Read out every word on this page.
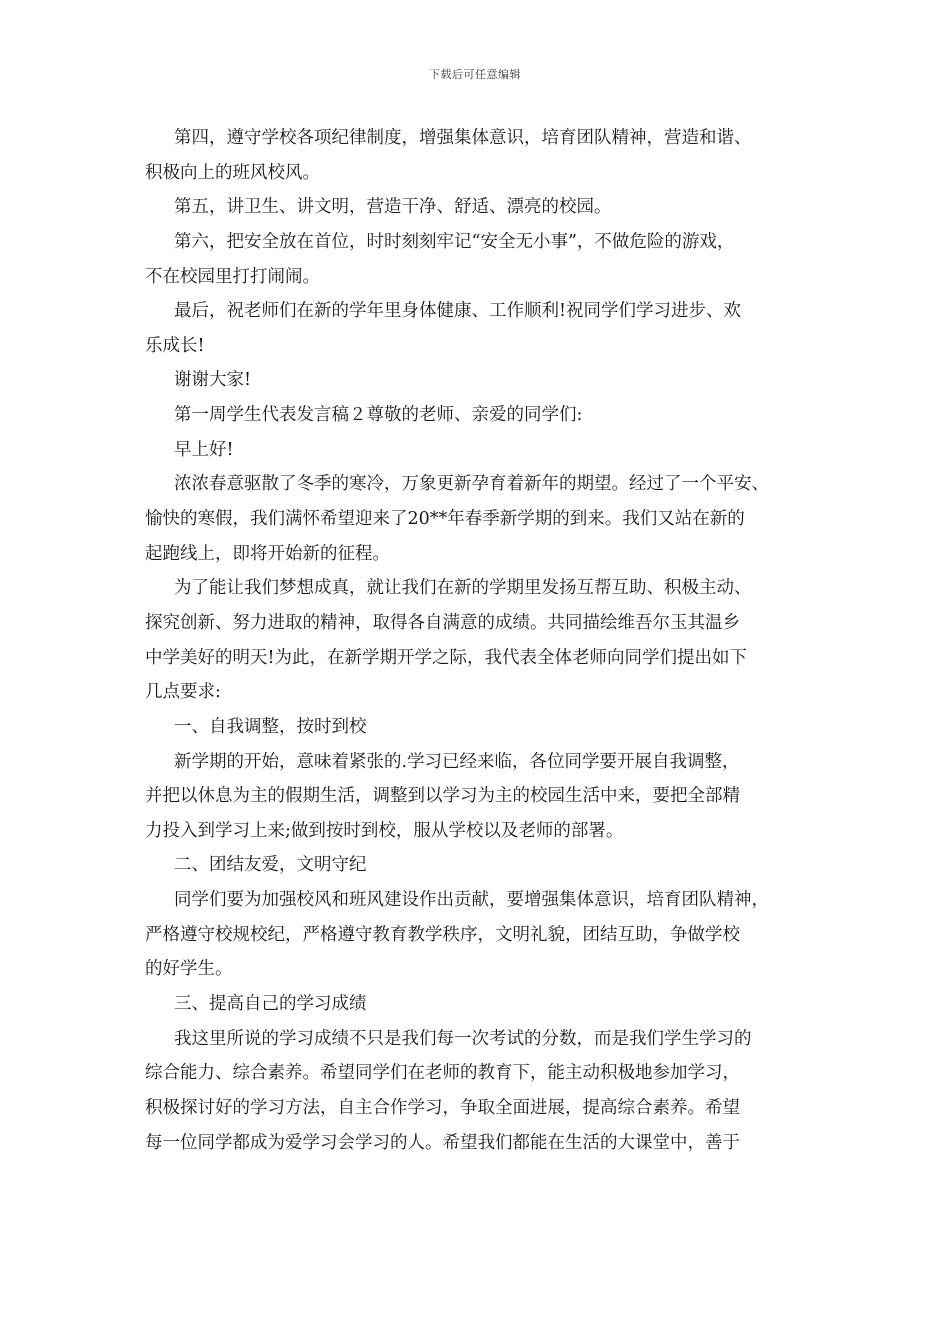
下载后可任意编辑
第四，遵守学校各项纪律制度，增强集体意识，培育团队精神，营造和谐、
积极向上的班风校风。
第五，讲卫生、讲文明，营造干净、舒适、漂亮的校园。
第六，把安全放在首位，时时刻刻牢记“安全无小事”，不做危险的游戏，
不在校园里打打闹闹。
最后，祝老师们在新的学年里身体健康、工作顺利!祝同学们学习进步、欢
乐成长!
谢谢大家!
第一周学生代表发言稿２尊敬的老师、亲爱的同学们:
早上好!
浓浓春意驱散了冬季的寒冷，万象更新孕育着新年的期望。经过了一个平安、
愉快的寒假，我们满怀希望迎来了20**年春季新学期的到来。我们又站在新的
起跑线上，即将开始新的征程。
为了能让我们梦想成真，就让我们在新的学期里发扬互帮互助、积极主动、
探究创新、努力进取的精神，取得各自满意的成绩。共同描绘维吾尔玉其温乡
中学美好的明天!为此，在新学期开学之际，我代表全体老师向同学们提出如下
几点要求:
一、自我调整，按时到校
新学期的开始，意味着紧张的.学习已经来临，各位同学要开展自我调整，
并把以休息为主的假期生活，调整到以学习为主的校园生活中来，要把全部精
力投入到学习上来;做到按时到校，服从学校以及老师的部署。
二、团结友爱，文明守纪
同学们要为加强校风和班风建设作出贡献，要增强集体意识，培育团队精神，
严格遵守校规校纪，严格遵守教育教学秩序，文明礼貌，团结互助，争做学校
的好学生。
三、提高自己的学习成绩
我这里所说的学习成绩不只是我们每一次考试的分数，而是我们学生学习的
综合能力、综合素养。希望同学们在老师的教育下，能主动积极地参加学习，
积极探讨好的学习方法，自主合作学习，争取全面进展，提高综合素养。希望
每一位同学都成为爱学习会学习的人。希望我们都能在生活的大课堂中，善于
